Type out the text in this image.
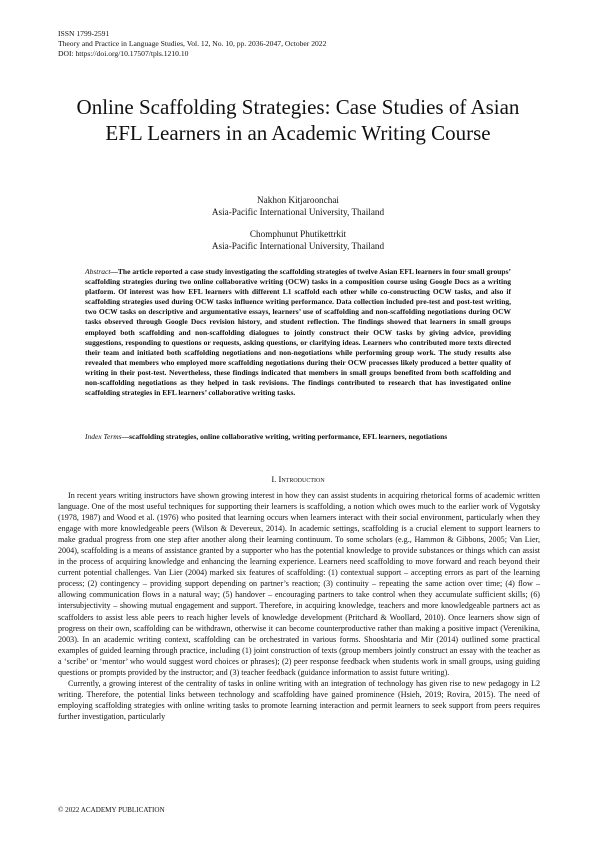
ISSN 1799-2591
Theory and Practice in Language Studies, Vol. 12, No. 10, pp. 2036-2047, October 2022
DOI: https://doi.org/10.17507/tpls.1210.10
Online Scaffolding Strategies: Case Studies of Asian EFL Learners in an Academic Writing Course
Nakhon Kitjaroonchai
Asia-Pacific International University, Thailand
Chomphunut Phutikettrkit
Asia-Pacific International University, Thailand
Abstract—The article reported a case study investigating the scaffolding strategies of twelve Asian EFL learners in four small groups’ scaffolding strategies during two online collaborative writing (OCW) tasks in a composition course using Google Docs as a writing platform. Of interest was how EFL learners with different L1 scaffold each other while co-constructing OCW tasks, and also if scaffolding strategies used during OCW tasks influence writing performance. Data collection included pre-test and post-test writing, two OCW tasks on descriptive and argumentative essays, learners’ use of scaffolding and non-scaffolding negotiations during OCW tasks observed through Google Docs revision history, and student reflection. The findings showed that learners in small groups employed both scaffolding and non-scaffolding dialogues to jointly construct their OCW tasks by giving advice, providing suggestions, responding to questions or requests, asking questions, or clarifying ideas. Learners who contributed more texts directed their team and initiated both scaffolding negotiations and non-negotiations while performing group work. The study results also revealed that members who employed more scaffolding negotiations during their OCW processes likely produced a better quality of writing in their post-test. Nevertheless, these findings indicated that members in small groups benefited from both scaffolding and non-scaffolding negotiations as they helped in task revisions. The findings contributed to research that has investigated online scaffolding strategies in EFL learners’ collaborative writing tasks.
Index Terms—scaffolding strategies, online collaborative writing, writing performance, EFL learners, negotiations
I. Introduction

In recent years writing instructors have shown growing interest in how they can assist students in acquiring rhetorical forms of academic written language. One of the most useful techniques for supporting their learners is scaffolding, a notion which owes much to the earlier work of Vygotsky (1978, 1987) and Wood et al. (1976) who posited that learning occurs when learners interact with their social environment, particularly when they engage with more knowledgeable peers (Wilson & Devereux, 2014). In academic settings, scaffolding is a crucial element to support learners to make gradual progress from one step after another along their learning continuum. To some scholars (e.g., Hammon & Gibbons, 2005; Van Lier, 2004), scaffolding is a means of assistance granted by a supporter who has the potential knowledge to provide substances or things which can assist in the process of acquiring knowledge and enhancing the learning experience. Learners need scaffolding to move forward and reach beyond their current potential challenges. Van Lier (2004) marked six features of scaffolding: (1) contextual support – accepting errors as part of the learning process; (2) contingency – providing support depending on partner’s reaction; (3) continuity – repeating the same action over time; (4) flow – allowing communication flows in a natural way; (5) handover – encouraging partners to take control when they accumulate sufficient skills; (6) intersubjectivity – showing mutual engagement and support. Therefore, in acquiring knowledge, teachers and more knowledgeable partners act as scaffolders to assist less able peers to reach higher levels of knowledge development (Pritchard & Woollard, 2010). Once learners show sign of progress on their own, scaffolding can be withdrawn, otherwise it can become counterproductive rather than making a positive impact (Verenikina, 2003). In an academic writing context, scaffolding can be orchestrated in various forms. Shooshtaria and Mir (2014) outlined some practical examples of guided learning through practice, including (1) joint construction of texts (group members jointly construct an essay with the teacher as a ‘scribe’ or ‘mentor’ who would suggest word choices or phrases); (2) peer response feedback when students work in small groups, using guiding questions or prompts provided by the instructor; and (3) teacher feedback (guidance information to assist future writing).

Currently, a growing interest of the centrality of tasks in online writing with an integration of technology has given rise to new pedagogy in L2 writing. Therefore, the potential links between technology and scaffolding have gained prominence (Hsieh, 2019; Rovira, 2015). The need of employing scaffolding strategies with online writing tasks to promote learning interaction and permit learners to seek support from peers requires further investigation, particularly

© 2022 ACADEMY PUBLICATION
